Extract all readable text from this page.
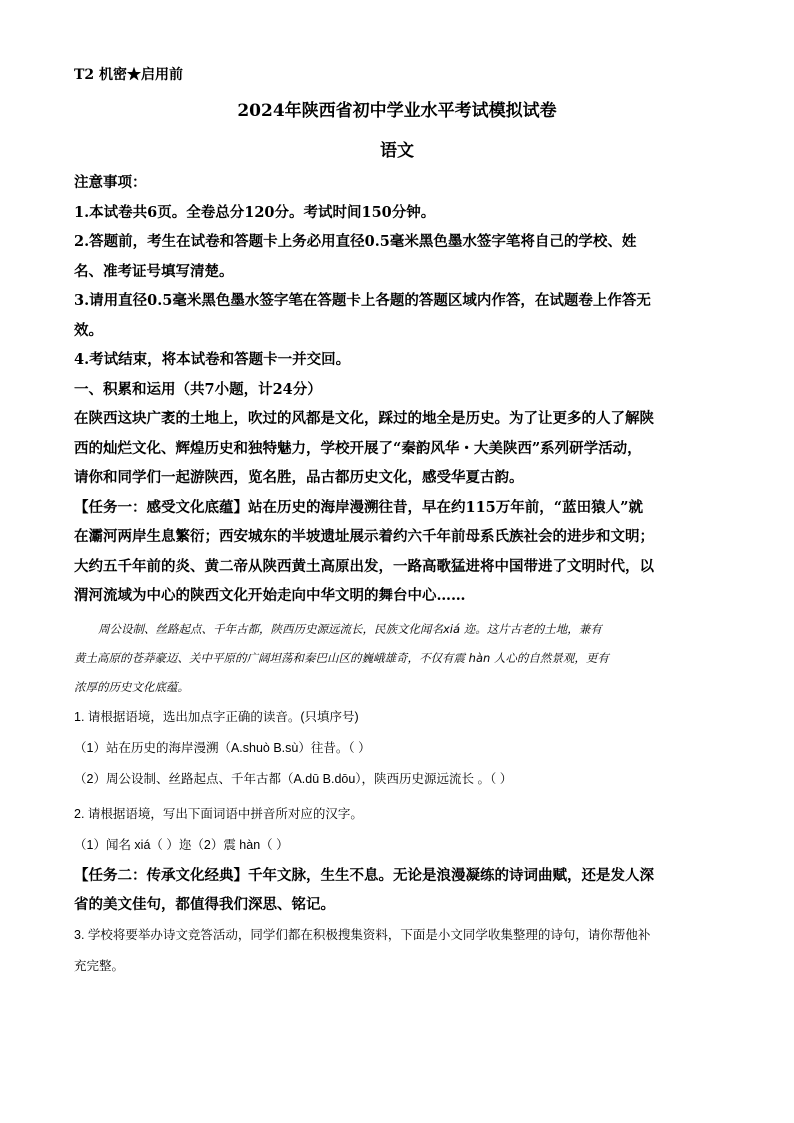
T2 机密★启用前

2024年陕西省初中学业水平考试模拟试卷

语文

注意事项：

1.本试卷共6页。全卷总分120分。考试时间150分钟。

2.答题前，考生在试卷和答题卡上务必用直径0.5毫米黑色墨水签字笔将自己的学校、姓

名、准考证号填写清楚。

3.请用直径0.5毫米黑色墨水签字笔在答题卡上各题的答题区域内作答，在试题卷上作答无

效。

4.考试结束，将本试卷和答题卡一并交回。

一、积累和运用（共7小题，计24分）

在陕西这块广袤的土地上，吹过的风都是文化，踩过的地全是历史。为了让更多的人了解陕

西的灿烂文化、辉煌历史和独特魅力，学校开展了“秦韵风华・大美陕西”系列研学活动，

请你和同学们一起游陕西，览名胜，品古都历史文化，感受华夏古韵。

【任务一：感受文化底蕴】站在历史的海岸漫溯往昔，早在约115万年前，“蓝田猿人”就

在灞河两岸生息繁衍；西安城东的半坡遗址展示着约六千年前母系氏族社会的进步和文明；

大约五千年前的炎、黄二帝从陕西黄土高原出发，一路高歌猛进将中国带进了文明时代，以

渭河流域为中心的陕西文化开始走向中华文明的舞台中心……

周公设制、丝路起点、千年古都，陕西历史源远流长，民族文化闻名xiá 迩。这片古老的土地，兼有

黄土高原的苍莽豪迈、关中平原的广阔坦荡和秦巴山区的巍峨雄奇，不仅有震 hàn 人心的自然景观，更有

浓厚的历史文化底蕴。

1. 请根据语境，选出加点字正确的读音。(只填序号)

（1）站在历史的海岸漫溯（A.shuò B.sù）往昔。（ ）

（2）周公设制、丝路起点、千年古都（A.dū B.dōu），陕西历史源远流长 。（ ）

2. 请根据语境，写出下面词语中拼音所对应的汉字。

（1）闻名 xiá（ ）迩（2）震 hàn（ ）

【任务二：传承文化经典】千年文脉，生生不息。无论是浪漫凝练的诗词曲赋，还是发人深

省的美文佳句，都值得我们深思、铭记。

3. 学校将要举办诗文竞答活动，同学们都在积极搜集资料，下面是小文同学收集整理的诗句，请你帮他补

充完整。
